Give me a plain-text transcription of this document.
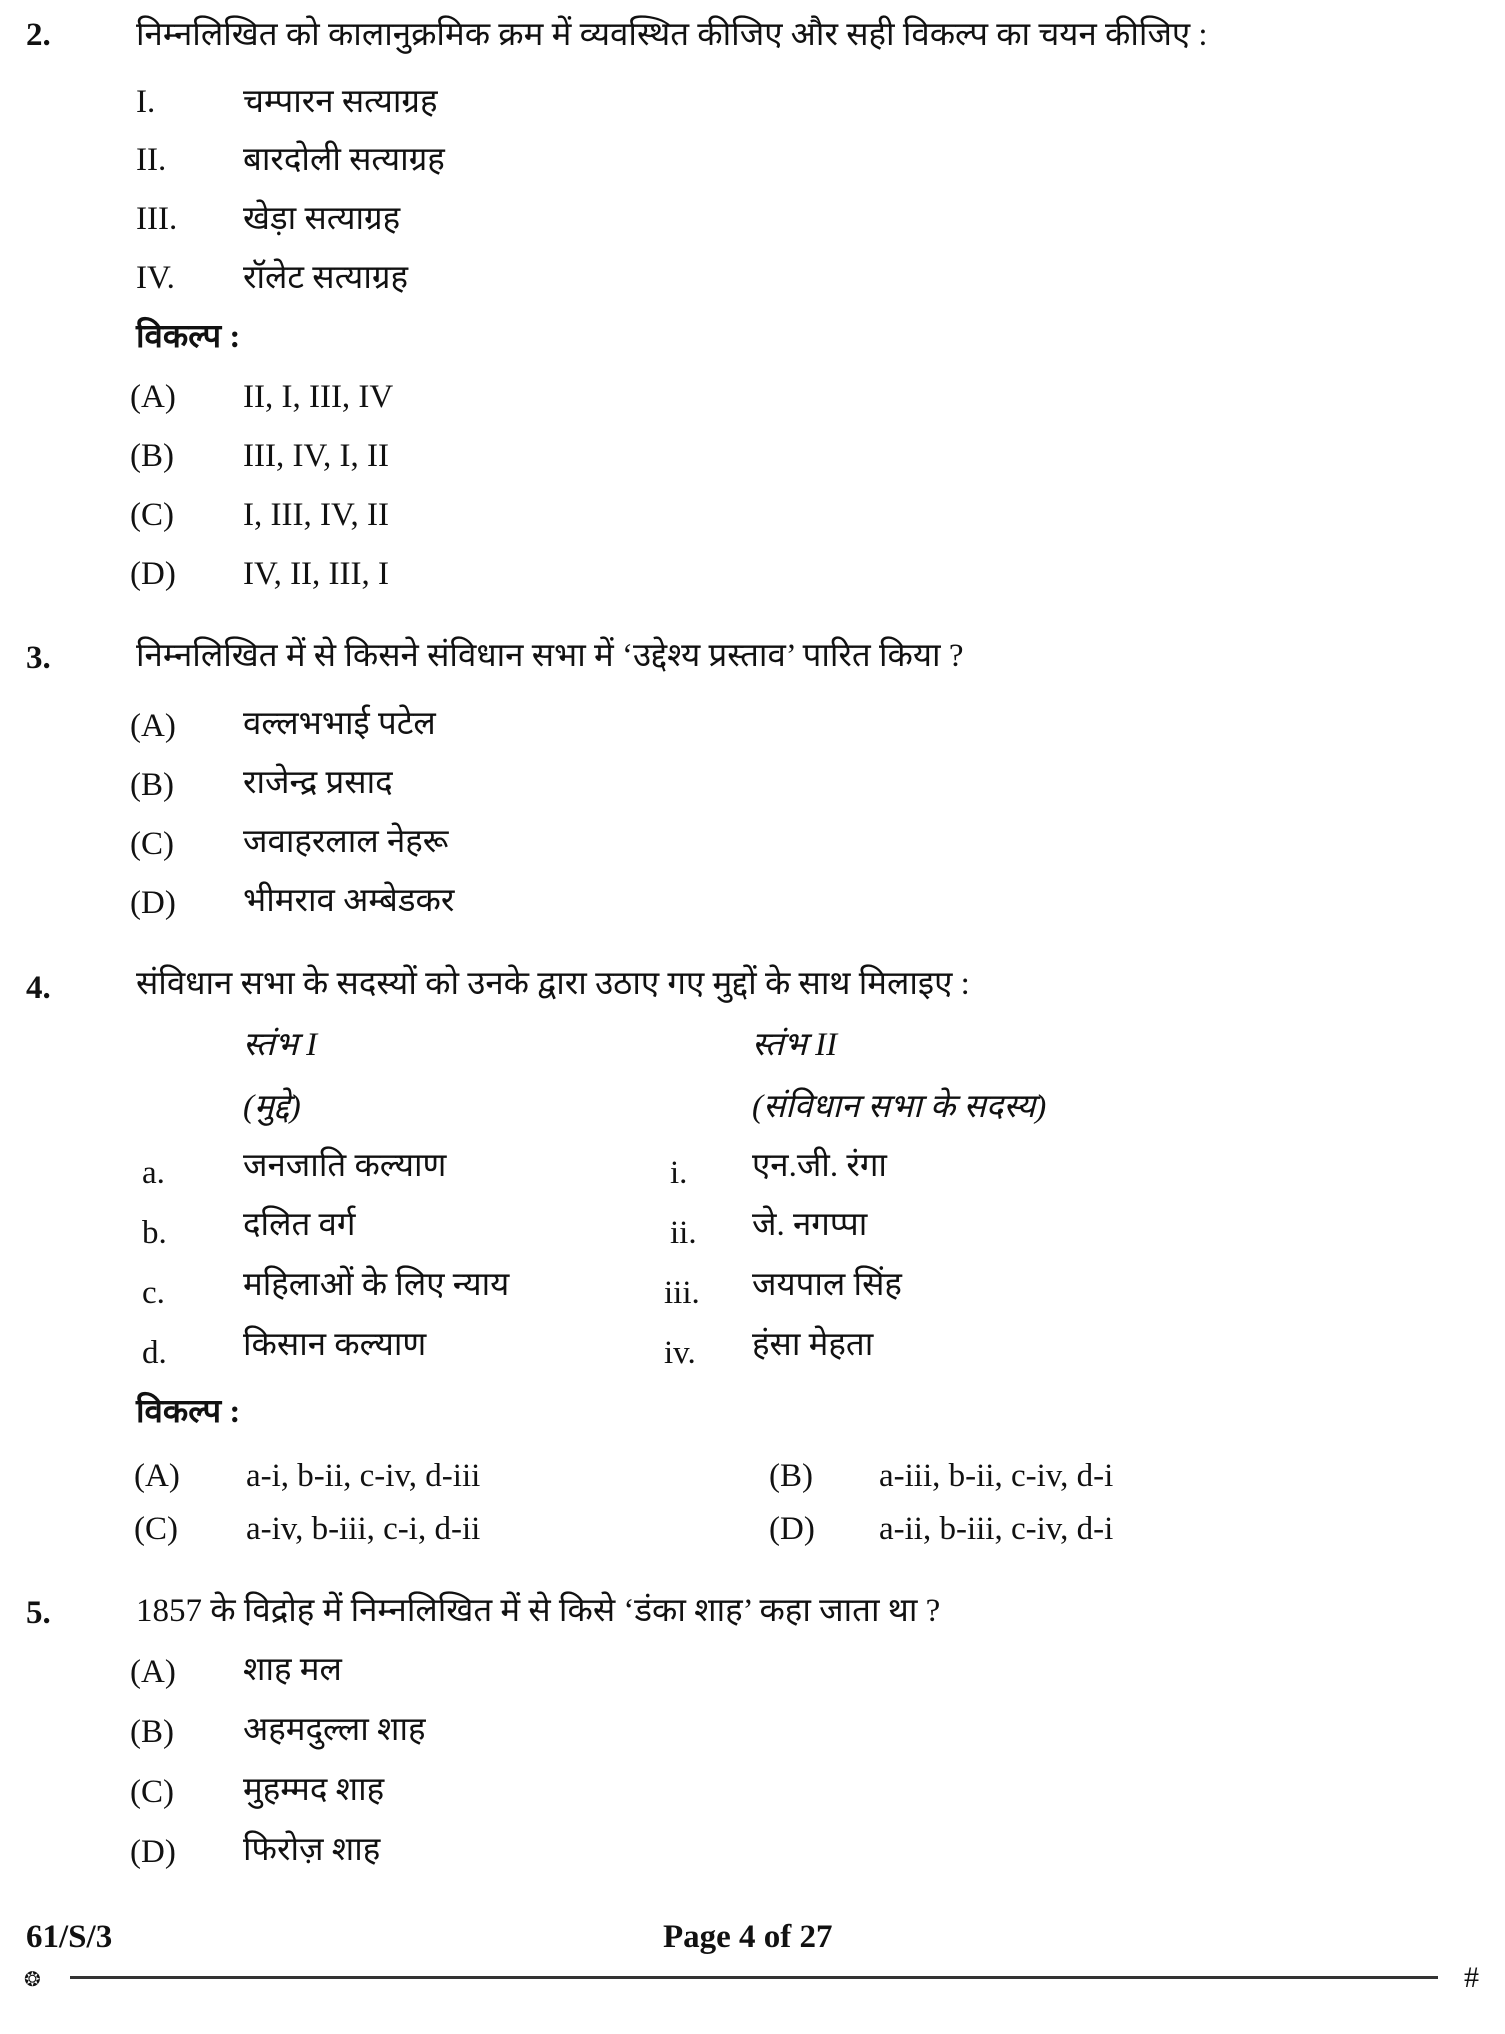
2.	निम्नलिखित को कालानुक्रमिक क्रम में व्यवस्थित कीजिए और सही विकल्प का चयन कीजिए :
I.	चम्पारन सत्याग्रह
II. बारदोली सत्याग्रह
III. खेड़ा सत्याग्रह
IV. रॉलेट सत्याग्रह
विकल्प :
(A) II, I, III, IV
(B) III, IV, I, II
(C) I, III, IV, II
(D) IV, II, III, I
3.	निम्नलिखित में से किसने संविधान सभा में ‘उद्देश्य प्रस्ताव’ पारित किया ?
(A) वल्लभभाई पटेल
(B) राजेन्द्र प्रसाद
(C) जवाहरलाल नेहरू
(D) भीमराव अम्बेडकर
4.	संविधान सभा के सदस्यों को उनके द्वारा उठाए गए मुद्दों के साथ मिलाइए :
स्तंभ I	स्तंभ II
(मुद्दे)	(संविधान सभा के सदस्य)
a. जनजाति कल्याण	i. एन.जी. रंगा
b. दलित वर्ग	ii. जे. नगप्पा
c. महिलाओं के लिए न्याय	iii. जयपाल सिंह
d. किसान कल्याण	iv. हंसा मेहता
विकल्प :
(A) a-i, b-ii, c-iv, d-iii	(B) a-iii, b-ii, c-iv, d-i
(C) a-iv, b-iii, c-i, d-ii	(D) a-ii, b-iii, c-iv, d-i
5.	1857 के विद्रोह में निम्नलिखित में से किसे ‘डंका शाह’ कहा जाता था ?
(A) शाह मल
(B) अहमदुल्ला शाह
(C) मुहम्मद शाह
(D) फिरोज़ शाह
61/S/3	Page 4 of 27
❂	#
